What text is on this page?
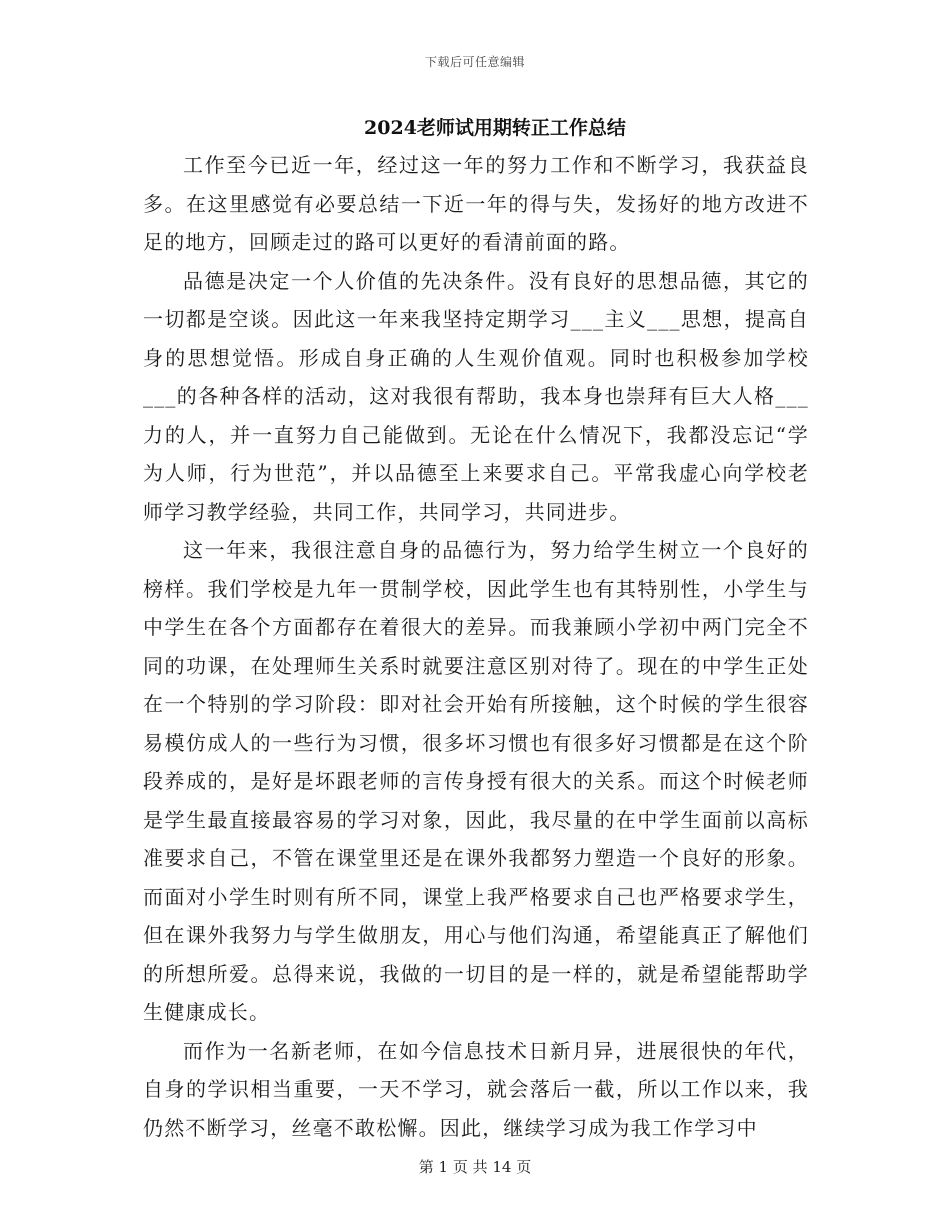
下载后可任意编辑
2024老师试用期转正工作总结

工作至今已近一年，经过这一年的努力工作和不断学习，我获益良多。在这里感觉有必要总结一下近一年的得与失，发扬好的地方改进不足的地方，回顾走过的路可以更好的看清前面的路。

品德是决定一个人价值的先决条件。没有良好的思想品德，其它的一切都是空谈。因此这一年来我坚持定期学习___主义___思想，提高自身的思想觉悟。形成自身正确的人生观价值观。同时也积极参加学校___的各种各样的活动，这对我很有帮助，我本身也崇拜有巨大人格___力的人，并一直努力自己能做到。无论在什么情况下，我都没忘记“学为人师，行为世范”，并以品德至上来要求自己。平常我虚心向学校老师学习教学经验，共同工作，共同学习，共同进步。

这一年来，我很注意自身的品德行为，努力给学生树立一个良好的榜样。我们学校是九年一贯制学校，因此学生也有其特别性，小学生与中学生在各个方面都存在着很大的差异。而我兼顾小学初中两门完全不同的功课，在处理师生关系时就要注意区别对待了。现在的中学生正处在一个特别的学习阶段：即对社会开始有所接触，这个时候的学生很容易模仿成人的一些行为习惯，很多坏习惯也有很多好习惯都是在这个阶段养成的，是好是坏跟老师的言传身授有很大的关系。而这个时候老师是学生最直接最容易的学习对象，因此，我尽量的在中学生面前以高标准要求自己，不管在课堂里还是在课外我都努力塑造一个良好的形象。而面对小学生时则有所不同，课堂上我严格要求自己也严格要求学生，但在课外我努力与学生做朋友，用心与他们沟通，希望能真正了解他们的所想所爱。总得来说，我做的一切目的是一样的，就是希望能帮助学生健康成长。

而作为一名新老师，在如今信息技术日新月异，进展很快的年代，自身的学识相当重要，一天不学习，就会落后一截，所以工作以来，我仍然不断学习，丝毫不敢松懈。因此，继续学习成为我工作学习中

第 1 页 共 14 页
